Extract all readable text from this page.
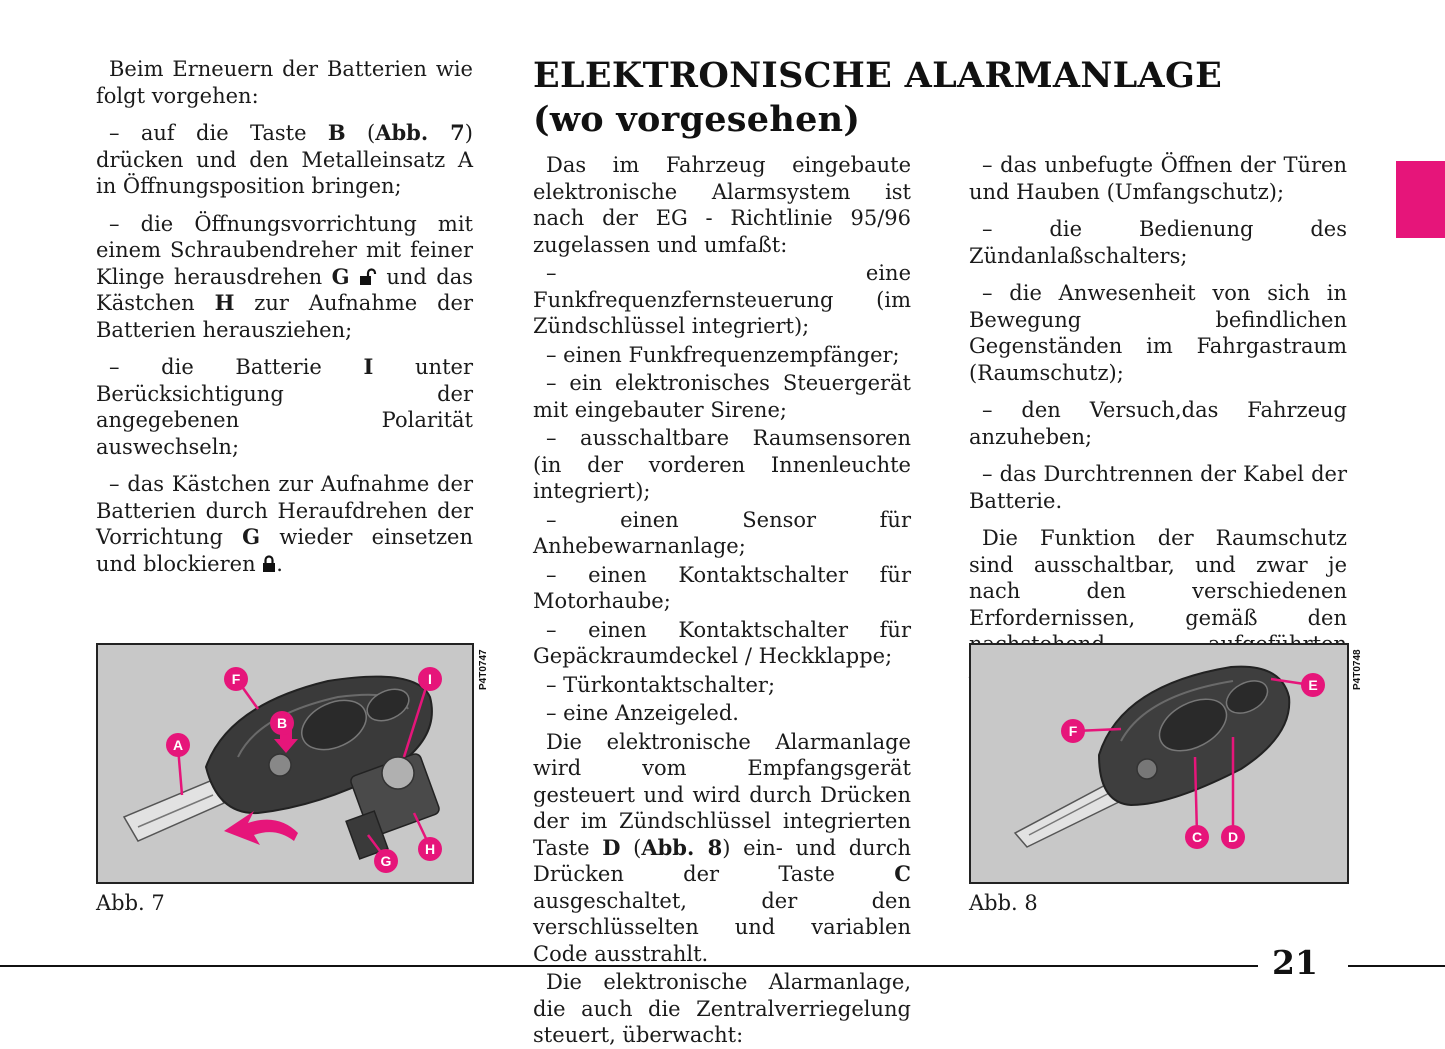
Beim Erneuern der Batterien wie folgt vorgehen:

– auf die Taste B (Abb. 7) drücken und den Metalleinsatz A in Öffnungsposition bringen;

– die Öffnungsvorrichtung mit einem Schraubendreher mit feiner Klinge herausdrehen G  und das Kästchen H zur Aufnahme der Batterien herausziehen;

– die Batterie I unter Berücksichtigung der angegebenen Polarität auswechseln;

– das Kästchen zur Aufnahme der Batterien durch Heraufdrehen der Vorrichtung G wieder einsetzen und blockieren .

ELEKTRONISCHE ALARMANLAGE
(wo vorgesehen)

Das im Fahrzeug eingebaute elektronische Alarmsystem ist nach der EG - Richtlinie 95/96 zugelassen und umfaßt:

– eine Funkfrequenzfernsteuerung (im Zündschlüssel integriert);

– einen Funkfrequenzempfänger;

– ein elektronisches Steuergerät mit eingebauter Sirene;

– ausschaltbare Raumsensoren (in der vorderen Innenleuchte integriert);

– einen Sensor für Anhebewarnanlage;

– einen Kontaktschalter für Motorhaube;

– einen Kontaktschalter für Gepäckraumdeckel / Heckklappe;

– Türkontaktschalter;

– eine Anzeigeled.

Die elektronische Alarmanlage wird vom Empfangsgerät gesteuert und wird durch Drücken der im Zündschlüssel integrierten Taste D (Abb. 8) ein- und durch Drücken der Taste C ausgeschaltet, der den verschlüsselten und variablen Code ausstrahlt.

Die elektronische Alarmanlage, die auch die Zentralverriegelung steuert, überwacht:

– das unbefugte Öffnen der Türen und Hauben (Umfangschutz);

– die Bedienung des Zündanlaßschalters;

– die Anwesenheit von sich in Bewegung befindlichen Gegenständen im Fahrgastraum (Raumschutz);

– den Versuch,das Fahrzeug anzuheben;

– das Durchtrennen der Kabel der Batterie.

Die Funktion der Raumschutz sind ausschaltbar, und zwar je nach den verschiedenen Erfordernissen, gemäß den

F
B
I
A
G
H
P4T0747
Abb. 7
E
F
C D
P4T0748
Abb. 8
21
